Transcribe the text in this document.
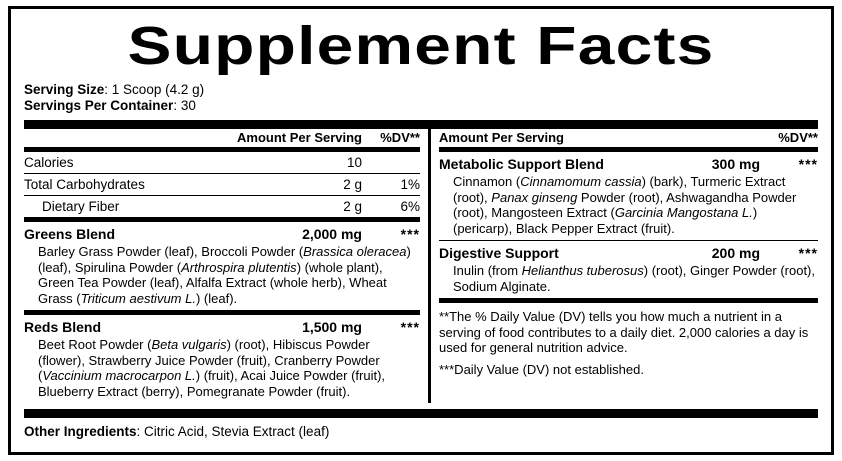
Supplement Facts
Serving Size: 1 Scoop (4.2 g)
Servings Per Container: 30
Amount Per Serving	%DV**
Calories	10
Total Carbohydrates	2 g	1%
Dietary Fiber	2 g	6%
Greens Blend	2,000 mg	***
Barley Grass Powder (leaf), Broccoli Powder (Brassica oleracea) (leaf), Spirulina Powder (Arthrospira plutentis) (whole plant), Green Tea Powder (leaf), Alfalfa Extract (whole herb), Wheat Grass (Triticum aestivum L.) (leaf).
Reds Blend	1,500 mg	***
Beet Root Powder (Beta vulgaris) (root), Hibiscus Powder (flower), Strawberry Juice Powder (fruit), Cranberry Powder (Vaccinium macrocarpon L.) (fruit), Acai Juice Powder (fruit), Blueberry Extract (berry), Pomegranate Powder (fruit).
Amount Per Serving	%DV**
Metabolic Support Blend	300 mg	***
Cinnamon (Cinnamomum cassia) (bark), Turmeric Extract (root), Panax ginseng Powder (root), Ashwagandha Powder (root), Mangosteen Extract (Garcinia Mangostana L.) (pericarp), Black Pepper Extract (fruit).
Digestive Support	200 mg	***
Inulin (from Helianthus tuberosus) (root), Ginger Powder (root), Sodium Alginate.
**The % Daily Value (DV) tells you how much a nutrient in a serving of food contributes to a daily diet. 2,000 calories a day is used for general nutrition advice.
***Daily Value (DV) not established.
Other Ingredients: Citric Acid, Stevia Extract (leaf)
